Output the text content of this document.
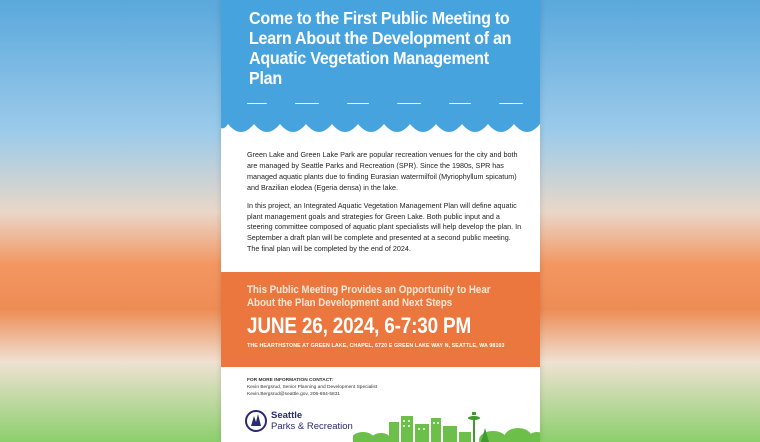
Come to the First Public Meeting to Learn About the Development of an Aquatic Vegetation Management Plan

Green Lake and Green Lake Park are popular recreation venues for the city and both are managed by Seattle Parks and Recreation (SPR). Since the 1980s, SPR has managed aquatic plants due to finding Eurasian watermilfoil (Myriophyllum spicatum) and Brazilian elodea (Egeria densa) in the lake.

In this project, an Integrated Aquatic Vegetation Management Plan will define aquatic plant management goals and strategies for Green Lake. Both public input and a steering committee composed of aquatic plant specialists will help develop the plan. In September a draft plan will be complete and presented at a second public meeting. The final plan will be completed by the end of 2024.

This Public Meeting Provides an Opportunity to Hear About the Plan Development and Next Steps
JUNE 26, 2024, 6-7:30 PM
THE HEARTHSTONE AT GREEN LAKE, CHAPEL, 6720 E GREEN LAKE WAY N, SEATTLE, WA 98103
FOR MORE INFORMATION CONTACT:
Kevin Bergsrud, Senior Planning and Development Specialist
Kevin.Bergsrud@seattle.gov, 206-684-5831
Seattle
Parks & Recreation
